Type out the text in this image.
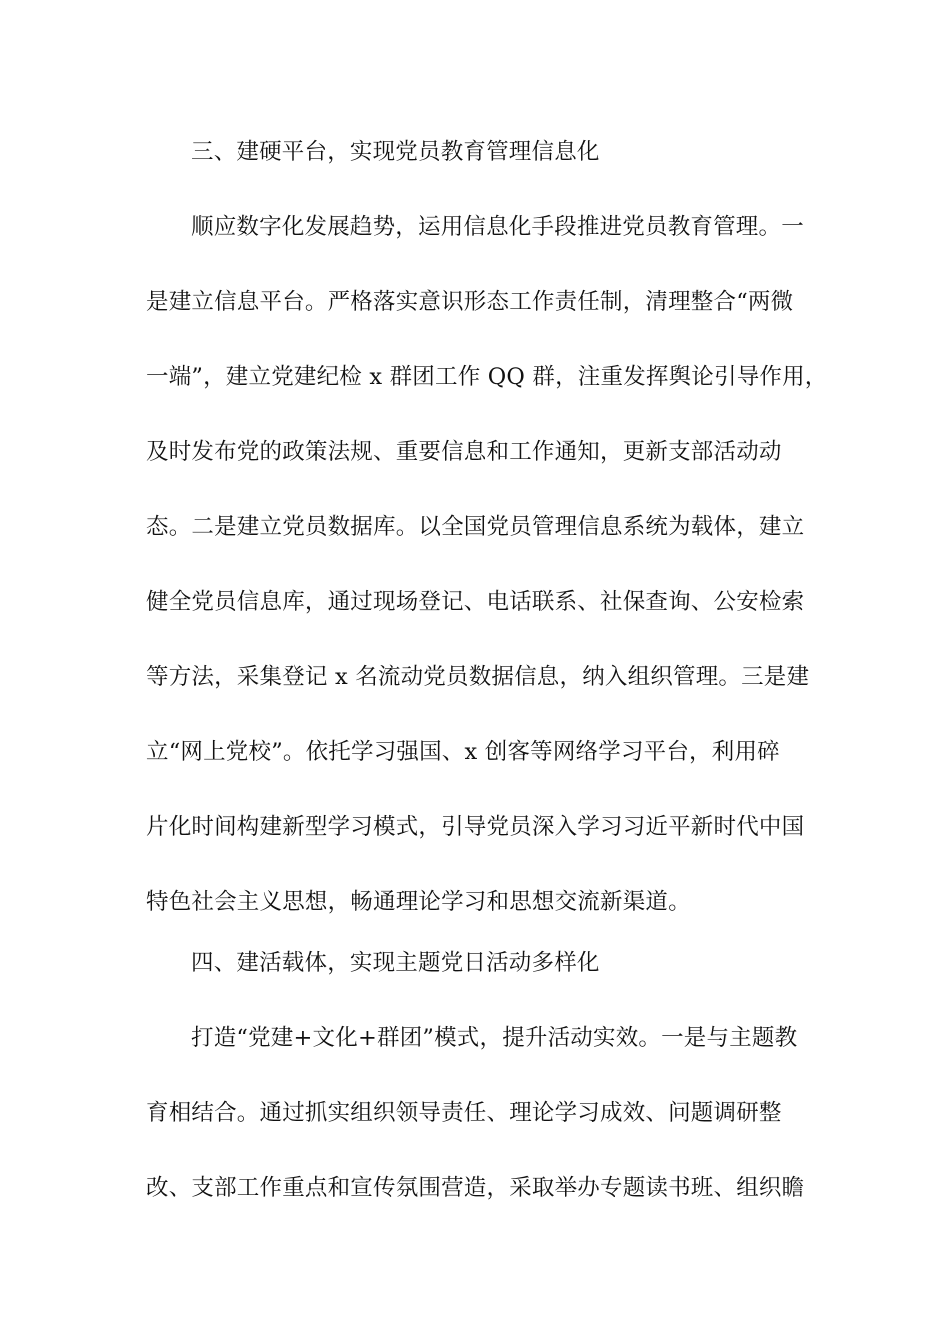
三、建硬平台，实现党员教育管理信息化
顺应数字化发展趋势，运用信息化手段推进党员教育管理。一
是建立信息平台。严格落实意识形态工作责任制，清理整合“两微
一端”，建立党建纪检 x 群团工作 QQ 群，注重发挥舆论引导作用，
及时发布党的政策法规、重要信息和工作通知，更新支部活动动
态。二是建立党员数据库。以全国党员管理信息系统为载体，建立
健全党员信息库，通过现场登记、电话联系、社保查询、公安检索
等方法，采集登记 x 名流动党员数据信息，纳入组织管理。三是建
立“网上党校”。依托学习强国、x 创客等网络学习平台，利用碎
片化时间构建新型学习模式，引导党员深入学习习近平新时代中国
特色社会主义思想，畅通理论学习和思想交流新渠道。
四、建活载体，实现主题党日活动多样化
打造“党建+文化+群团”模式，提升活动实效。一是与主题教
育相结合。通过抓实组织领导责任、理论学习成效、问题调研整
改、支部工作重点和宣传氛围营造，采取举办专题读书班、组织瞻
